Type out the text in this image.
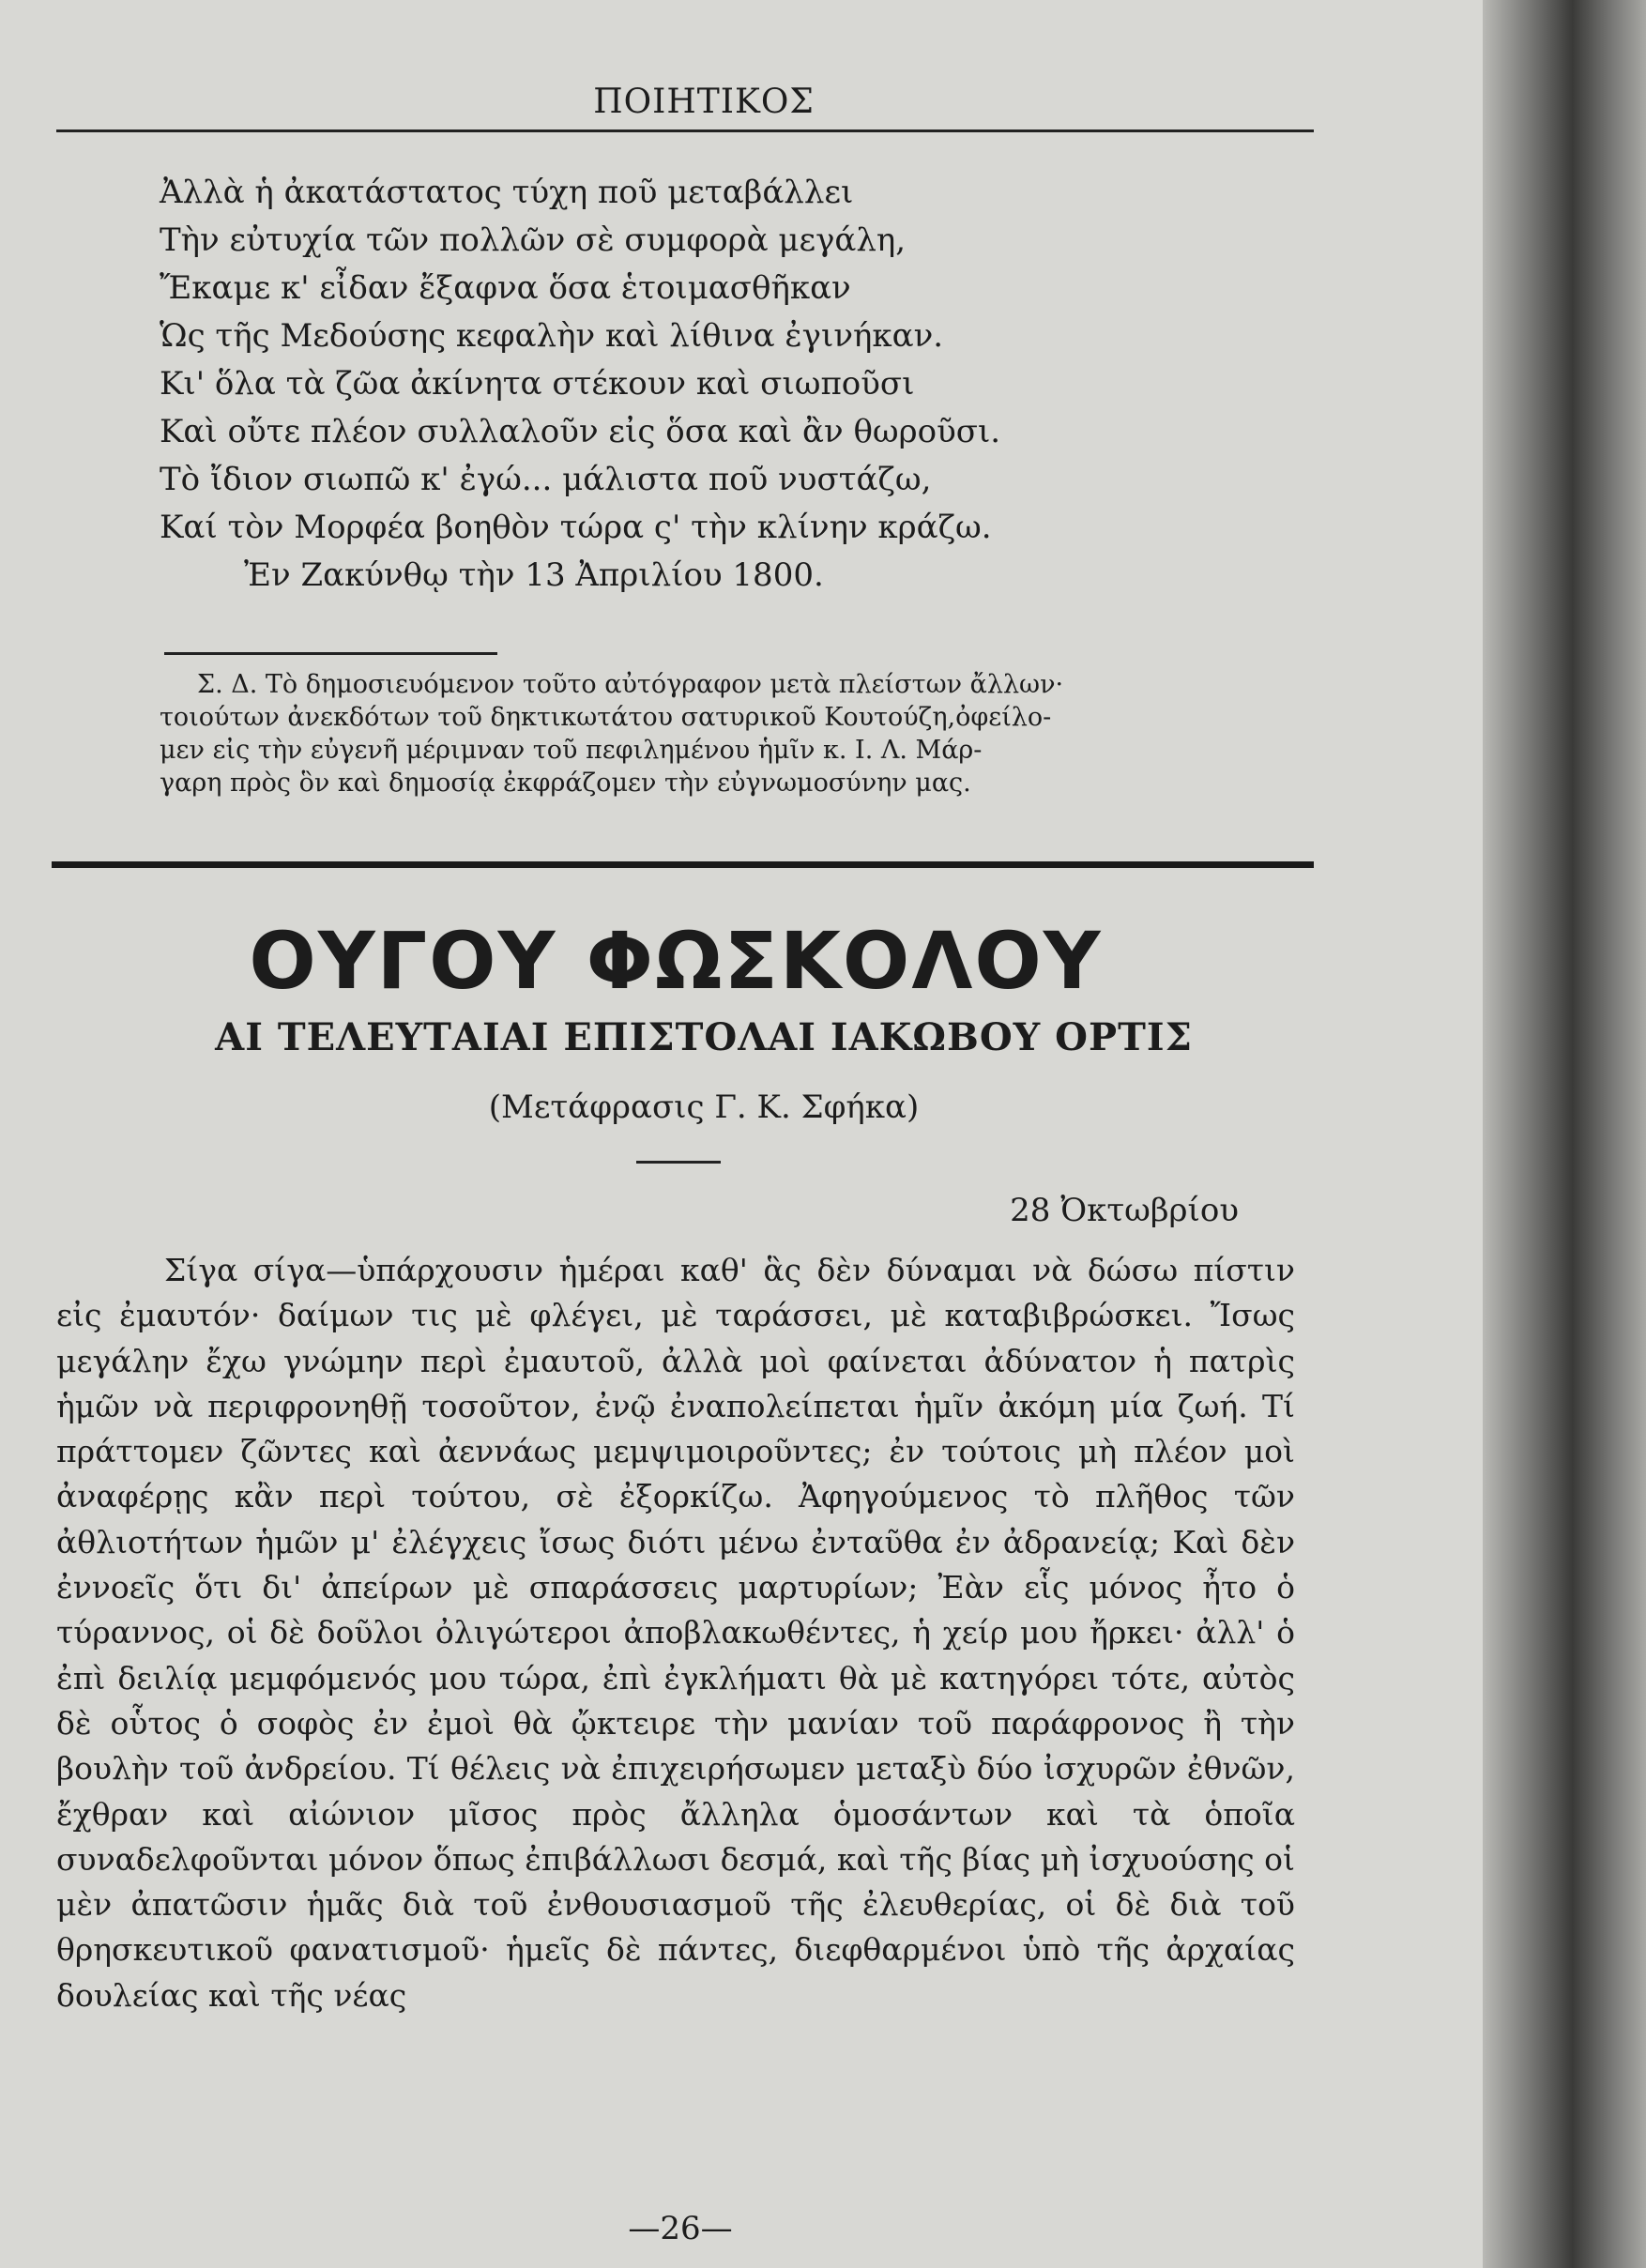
ΠΟΙΗΤΙΚΟΣ
Ἀλλὰ ἡ ἀκατάστατος τύχη ποῦ μεταβάλλει
Τὴν εὐτυχία τῶν πολλῶν σὲ συμφορὰ μεγάλη,
Ἔκαμε κ' εἶδαν ἔξαφνα ὅσα ἑτοιμασθῆκαν
Ὡς τῆς Μεδούσης κεφαλὴν καὶ λίθινα ἐγινήκαν.
Κι' ὅλα τὰ ζῶα ἀκίνητα στέκουν καὶ σιωποῦσι
Καὶ οὔτε πλέον συλλαλοῦν εἰς ὅσα καὶ ἂν θωροῦσι.
Τὸ ἴδιον σιωπῶ κ' ἐγώ... μάλιστα ποῦ νυστάζω,
Καί τὸν Μορφέα βοηθὸν τώρα ς' τὴν κλίνην κράζω.
Ἐν Ζακύνθῳ τὴν 13 Ἀπριλίου 1800.
Σ. Δ. Τὸ δημοσιευόμενον τοῦτο αὐτόγραφον μετὰ πλείστων ἄλλων·
τοιούτων ἀνεκδότων τοῦ δηκτικωτάτου σατυρικοῦ Κουτούζη,ὀφείλο-
μεν εἰς τὴν εὐγενῆ μέριμναν τοῦ πεφιλημένου ἡμῖν κ. Ι. Λ. Μάρ-
γαρη πρὸς ὃν καὶ δημοσίᾳ ἐκφράζομεν τὴν εὐγνωμοσύνην μας.
ΟΥΓΟΥ ΦΩΣΚΟΛΟΥ
ΑΙ ΤΕΛΕΥΤΑΙΑΙ ΕΠΙΣΤΟΛΑΙ ΙΑΚΩΒΟΥ ΟΡΤΙΣ
(Μετάφρασις Γ. Κ. Σφήκα)
28 Ὀκτωβρίου

Σίγα σίγα—ὑπάρχουσιν ἡμέραι καθ' ἃς δὲν δύναμαι νὰ δώσω πίστιν εἰς ἐμαυτόν· δαίμων τις μὲ φλέγει, μὲ ταράσσει, μὲ καταβιβρώσκει. Ἴσως μεγάλην ἔχω γνώμην περὶ ἐμαυτοῦ, ἀλλὰ μοὶ φαίνεται ἀδύνατον ἡ πατρὶς ἡμῶν νὰ περιφρονηθῇ τοσοῦτον, ἐνῷ ἐναπολείπεται ἡμῖν ἀκόμη μία ζωή. Τί πράττομεν ζῶντες καὶ ἀεννάως μεμψιμοιροῦντες; ἐν τούτοις μὴ πλέον μοὶ ἀναφέρῃς κἂν περὶ τούτου, σὲ ἐξορκίζω. Ἀφηγούμενος τὸ πλῆθος τῶν ἀθλιοτήτων ἡμῶν μ' ἐλέγχεις ἴσως διότι μένω ἐνταῦθα ἐν ἀδρανείᾳ; Καὶ δὲν ἐννοεῖς ὅτι δι' ἀπείρων μὲ σπαράσσεις μαρτυρίων; Ἐὰν εἷς μόνος ἦτο ὁ τύραννος, οἱ δὲ δοῦλοι ὀλιγώτεροι ἀποβλακωθέντες, ἡ χείρ μου ἤρκει· ἀλλ' ὁ ἐπὶ δειλίᾳ μεμφόμενός μου τώρα, ἐπὶ ἐγκλήματι θὰ μὲ κατηγόρει τότε, αὐτὸς δὲ οὗτος ὁ σοφὸς ἐν ἐμοὶ θὰ ᾤκτειρε τὴν μανίαν τοῦ παράφρονος ἢ τὴν βουλὴν τοῦ ἀνδρείου. Τί θέλεις νὰ ἐπιχειρήσωμεν μεταξὺ δύο ἰσχυρῶν ἐθνῶν, ἔχθραν καὶ αἰώνιον μῖσος πρὸς ἄλληλα ὁμοσάντων καὶ τὰ ὁποῖα συναδελφοῦνται μόνον ὅπως ἐπιβάλλωσι δεσμά, καὶ τῆς βίας μὴ ἰσχυούσης οἱ μὲν ἀπατῶσιν ἡμᾶς διὰ τοῦ ἐνθουσιασμοῦ τῆς ἐλευθερίας, οἱ δὲ διὰ τοῦ θρησκευτικοῦ φανατισμοῦ· ἡμεῖς δὲ πάντες, διεφθαρμένοι ὑπὸ τῆς ἀρχαίας δουλείας καὶ τῆς νέας

—26—
